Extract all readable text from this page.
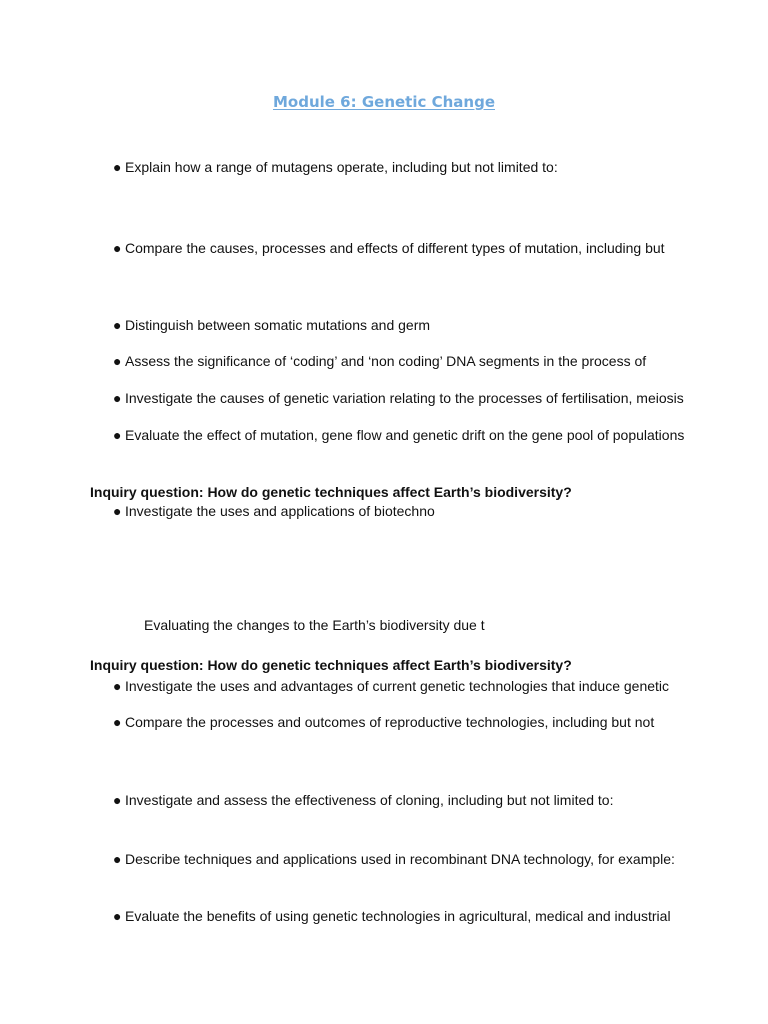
Module 6: Genetic Change
● Explain how a range of mutagens operate, including but not limited to:
● Compare the causes, processes and effects of different types of mutation, including but
● Distinguish between somatic mutations and germ
● Assess the significance of ‘coding’ and ‘non coding’ DNA segments in the process of
● Investigate the causes of genetic variation relating to the processes of fertilisation, meiosis
● Evaluate the effect of mutation, gene flow and genetic drift on the gene pool of populations
Inquiry question: How do genetic techniques affect Earth’s biodiversity?
● Investigate the uses and applications of biotechno
Evaluating the changes to the Earth’s biodiversity due t
Inquiry question: How do genetic techniques affect Earth’s biodiversity?
● Investigate the uses and advantages of current genetic technologies that induce genetic
● Compare the processes and outcomes of reproductive technologies, including but not
● Investigate and assess the effectiveness of cloning, including but not limited to:
● Describe techniques and applications used in recombinant DNA technology, for example:
● Evaluate the benefits of using genetic technologies in agricultural, medical and industrial
